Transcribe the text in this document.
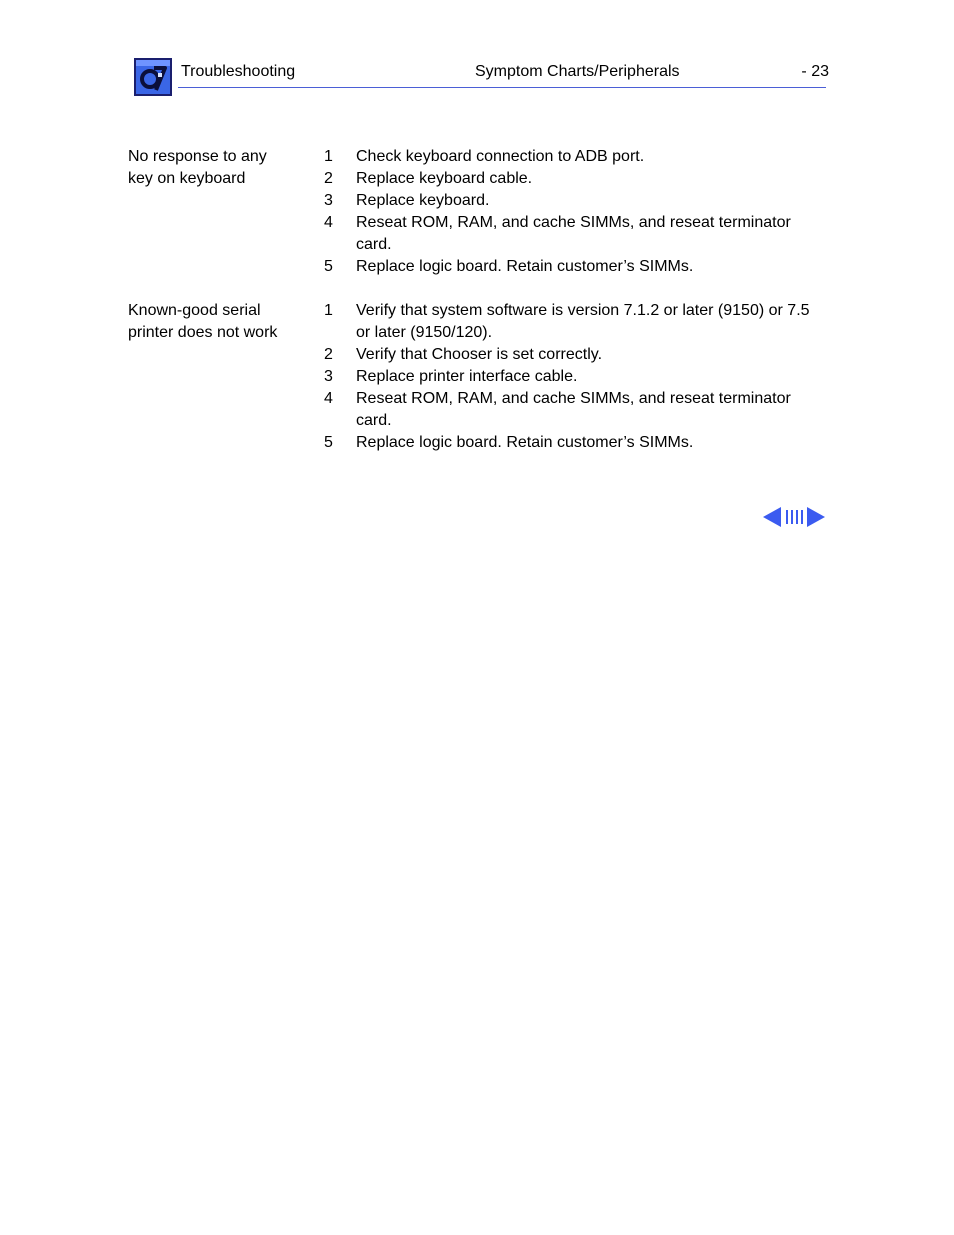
Troubleshooting	Symptom Charts/Peripherals	- 23
No response to any
key on keyboard
1	Check keyboard connection to ADB port.
2	Replace keyboard cable.
3	Replace keyboard.
4	Reseat ROM, RAM, and cache SIMMs, and reseat terminator card.
5	Replace logic board. Retain customer’s SIMMs.
Known-good serial
printer does not work
1	Verify that system software is version 7.1.2 or later (9150) or 7.5 or later (9150/120).
2	Verify that Chooser is set correctly.
3	Replace printer interface cable.
4	Reseat ROM, RAM, and cache SIMMs, and reseat terminator card.
5	Replace logic board. Retain customer’s SIMMs.
